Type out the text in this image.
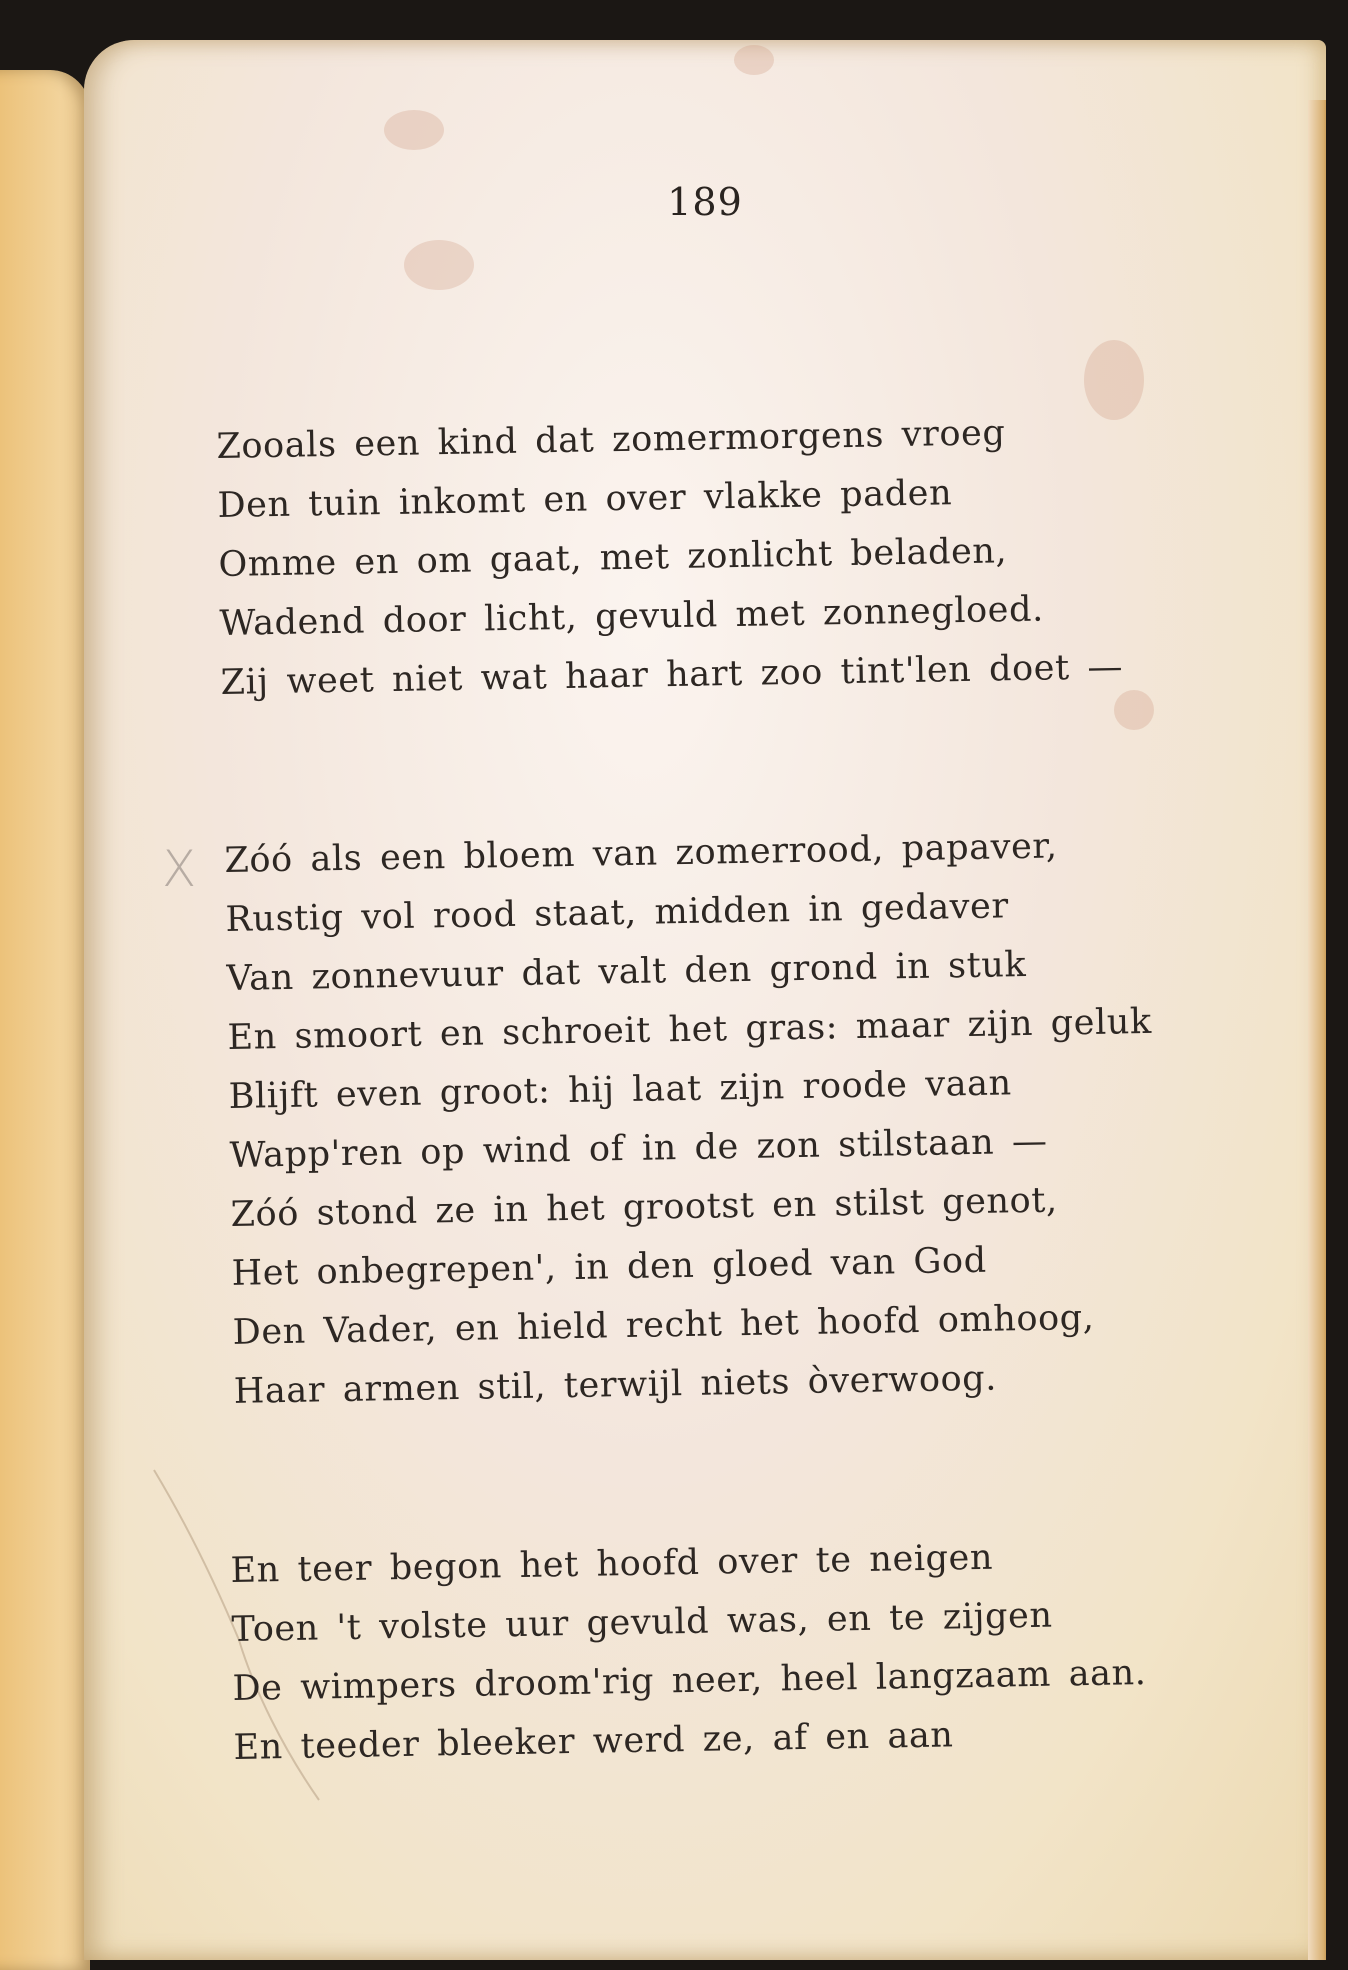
189
Zooals een kind dat zomermorgens vroeg
Den tuin inkomt en over vlakke paden
Omme en om gaat, met zonlicht beladen,
Wadend door licht, gevuld met zonnegloed.
Zij weet niet wat haar hart zoo tint'len doet —
X Zóó als een bloem van zomerrood, papaver,
Rustig vol rood staat, midden in gedaver
Van zonnevuur dat valt den grond in stuk
En smoort en schroeit het gras: maar zijn geluk
Blijft even groot: hij laat zijn roode vaan
Wapp'ren op wind of in de zon stilstaan —
Zóó stond ze in het grootst en stilst genot,
Het onbegrepen', in den gloed van God
Den Vader, en hield recht het hoofd omhoog,
Haar armen stil, terwijl niets òverwoog.
En teer begon het hoofd over te neigen
Toen 't volste uur gevuld was, en te zijgen
De wimpers droom'rig neer, heel langzaam aan.
En teeder bleeker werd ze, af en aan
